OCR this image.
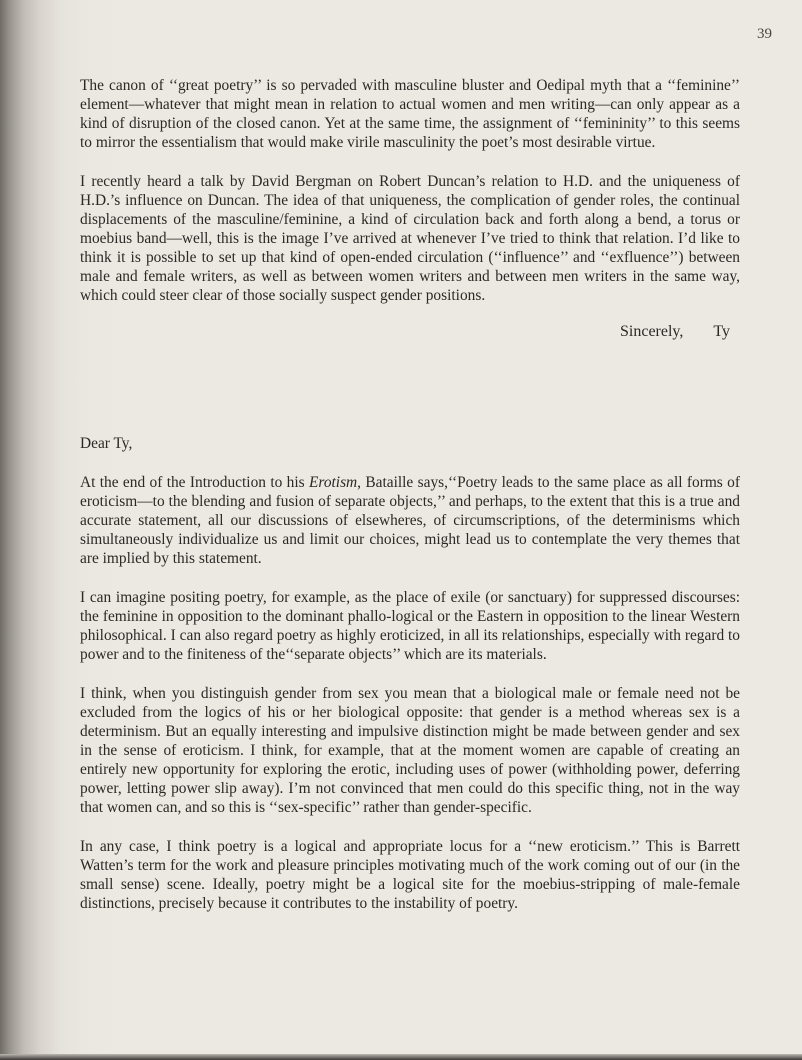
39

The canon of ‘‘great poetry’’ is so pervaded with masculine bluster and Oedipal myth that a ‘‘feminine’’ element—whatever that might mean in relation to actual women and men writing—can only appear as a kind of disruption of the closed canon. Yet at the same time, the assignment of ‘‘femininity’’ to this seems to mirror the essentialism that would make virile masculinity the poet’s most desirable virtue.

I recently heard a talk by David Bergman on Robert Duncan’s relation to H.D. and the uniqueness of H.D.’s influence on Duncan. The idea of that uniqueness, the complication of gender roles, the continual displacements of the masculine/feminine, a kind of circulation back and forth along a bend, a torus or moebius band—well, this is the image I’ve arrived at whenever I’ve tried to think that relation. I’d like to think it is possible to set up that kind of open-ended circulation (‘‘influence’’ and ‘‘exfluence’’) between male and female writers, as well as between women writers and between men writers in the same way, which could steer clear of those socially suspect gender positions.

Sincerely, Ty

Dear Ty,

At the end of the Introduction to his Erotism, Bataille says,‘‘Poetry leads to the same place as all forms of eroticism—to the blending and fusion of separate objects,’’ and perhaps, to the extent that this is a true and accurate statement, all our discussions of elsewheres, of circumscriptions, of the determinisms which simultaneously individualize us and limit our choices, might lead us to contemplate the very themes that are implied by this statement.

I can imagine positing poetry, for example, as the place of exile (or sanctuary) for suppressed discourses: the feminine in opposition to the dominant phallo-logical or the Eastern in opposition to the linear Western philosophical. I can also regard poetry as highly eroticized, in all its relationships, especially with regard to power and to the finiteness of the‘‘separate objects’’ which are its materials.

I think, when you distinguish gender from sex you mean that a biological male or female need not be excluded from the logics of his or her biological opposite: that gender is a method whereas sex is a determinism. But an equally interesting and impulsive distinction might be made between gender and sex in the sense of eroticism. I think, for example, that at the moment women are capable of creating an entirely new opportunity for exploring the erotic, including uses of power (withholding power, deferring power, letting power slip away). I’m not convinced that men could do this specific thing, not in the way that women can, and so this is ‘‘sex-specific’’ rather than gender-specific.

In any case, I think poetry is a logical and appropriate locus for a ‘‘new eroticism.’’ This is Barrett Watten’s term for the work and pleasure principles motivating much of the work coming out of our (in the small sense) scene. Ideally, poetry might be a logical site for the moebius-stripping of male-female distinctions, precisely because it contributes to the instability of poetry.
